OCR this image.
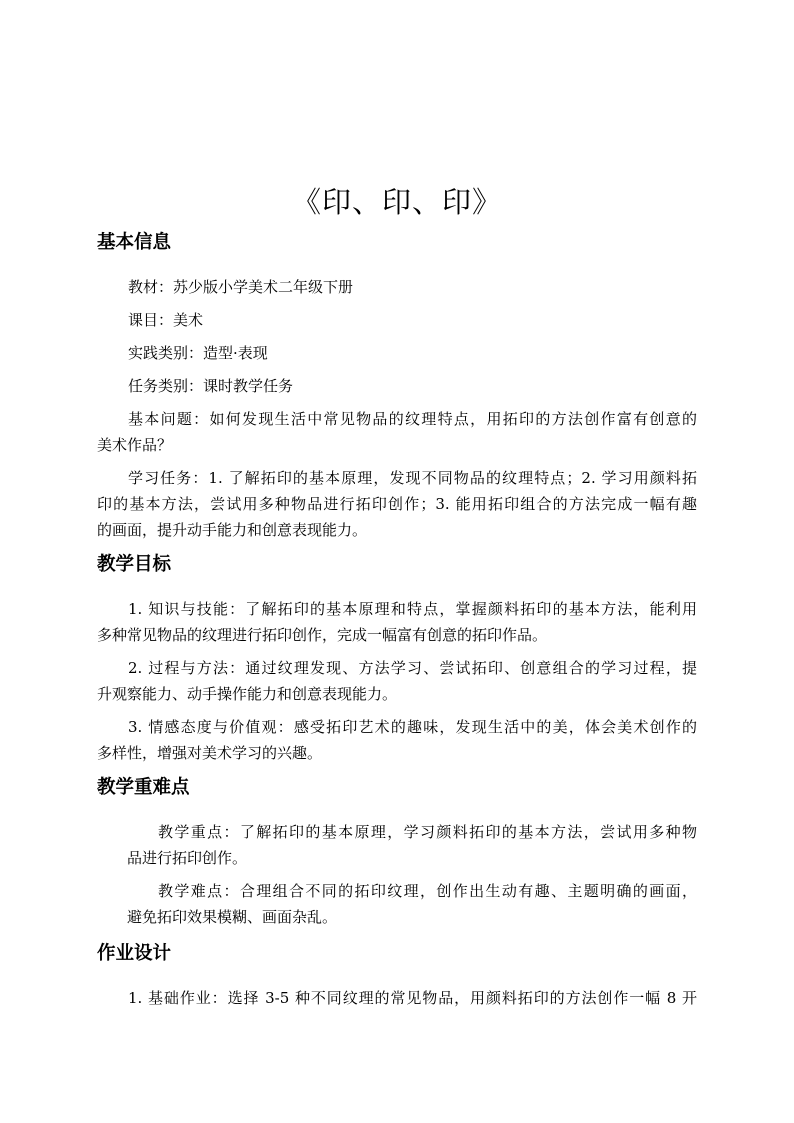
《印、印、印》
基本信息
教材：苏少版小学美术二年级下册
课目：美术
实践类别：造型·表现
任务类别：课时教学任务
基本问题：如何发现生活中常见物品的纹理特点，用拓印的方法创作富有创意的
美术作品？
学习任务：1. 了解拓印的基本原理，发现不同物品的纹理特点；2. 学习用颜料拓
印的基本方法，尝试用多种物品进行拓印创作；3. 能用拓印组合的方法完成一幅有趣
的画面，提升动手能力和创意表现能力。
教学目标
1. 知识与技能：了解拓印的基本原理和特点，掌握颜料拓印的基本方法，能利用
多种常见物品的纹理进行拓印创作，完成一幅富有创意的拓印作品。
2. 过程与方法：通过纹理发现、方法学习、尝试拓印、创意组合的学习过程，提
升观察能力、动手操作能力和创意表现能力。
3. 情感态度与价值观：感受拓印艺术的趣味，发现生活中的美，体会美术创作的
多样性，增强对美术学习的兴趣。
教学重难点
教学重点：了解拓印的基本原理，学习颜料拓印的基本方法，尝试用多种物
品进行拓印创作。
教学难点：合理组合不同的拓印纹理，创作出生动有趣、主题明确的画面，
避免拓印效果模糊、画面杂乱。
作业设计
1. 基础作业：选择 3-5 种不同纹理的常见物品，用颜料拓印的方法创作一幅 8 开
